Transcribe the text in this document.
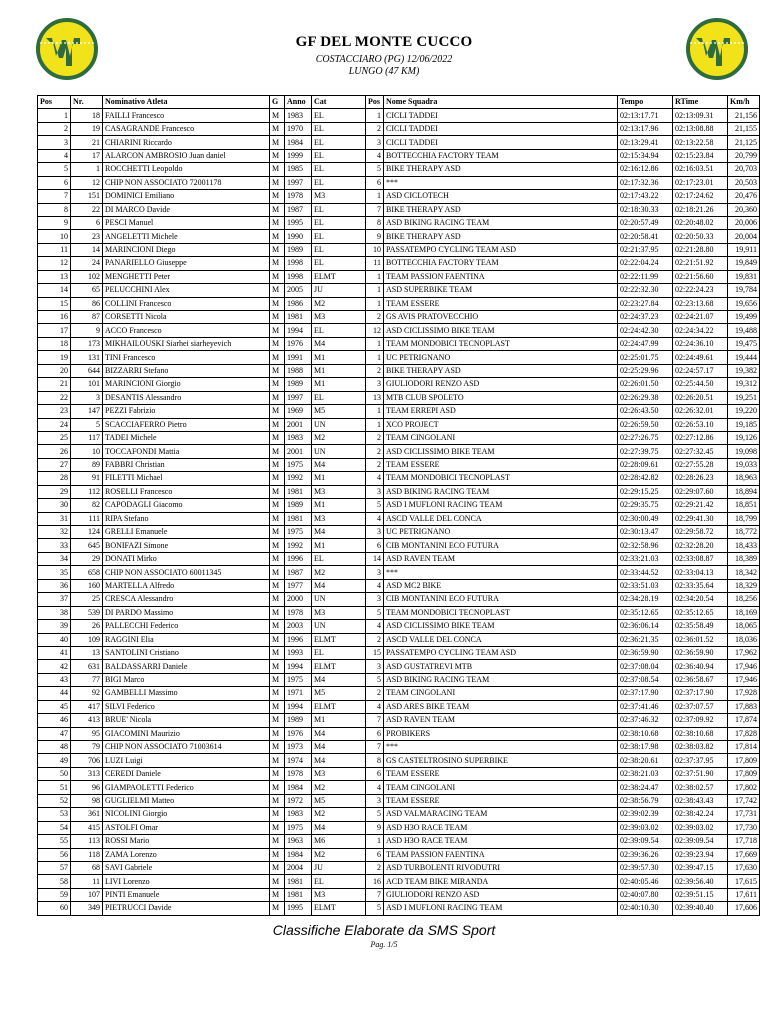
GF DEL MONTE CUCCO
COSTACCIARO (PG) 12/06/2022
LUNGO (47 KM)
Pos	Nr.	Nominativo Atleta	G	Anno	Cat	Pos	Nome Squadra	Tempo	RTime	Km/h
1	18	FAILLI Francesco	M	1983	EL	1	CICLI TADDEI	02:13:17.71	02:13:09.31	21,156
2	19	CASAGRANDE Francesco	M	1970	EL	2	CICLI TADDEI	02:13:17.96	02:13:08.88	21,155
3	21	CHIARINI Riccardo	M	1984	EL	3	CICLI TADDEI	02:13:29.41	02:13:22.58	21,125
4	17	ALARCON AMBROSIO Juan daniel	M	1999	EL	4	BOTTECCHIA FACTORY TEAM	02:15:34.94	02:15:23.84	20,799
5	1	ROCCHETTI Leopoldo	M	1985	EL	5	BIKE THERAPY ASD	02:16:12.86	02:16:03.51	20,703
6	12	CHIP NON ASSOCIATO 72001178	M	1997	EL	6	***	02:17:32.36	02:17:23.01	20,503
7	151	DOMINICI Emiliano	M	1978	M3	1	ASD CICLOTECH	02:17:43.22	02:17:24.62	20,476
8	22	DI MARCO Davide	M	1987	EL	7	BIKE THERAPY ASD	02:18:30.33	02:18:21.26	20,360
9	6	PESCI Manuel	M	1995	EL	8	ASD BIKING RACING TEAM	02:20:57.49	02:20:48.02	20,006
10	23	ANGELETTI Michele	M	1990	EL	9	BIKE THERAPY ASD	02:20:58.41	02:20:50.33	20,004
11	14	MARINCIONI Diego	M	1989	EL	10	PASSATEMPO CYCLING TEAM ASD	02:21:37.95	02:21:28.80	19,911
12	24	PANARIELLO Giuseppe	M	1998	EL	11	BOTTECCHIA FACTORY TEAM	02:22:04.24	02:21:51.92	19,849
13	102	MENGHETTI Peter	M	1998	ELMT	1	TEAM PASSION FAENTINA	02:22:11.99	02:21:56.60	19,831
14	65	PELUCCHINI Alex	M	2005	JU	1	ASD SUPERBIKE TEAM	02:22:32.30	02:22:24.23	19,784
15	86	COLLINI Francesco	M	1986	M2	1	TEAM ESSERE	02:23:27.84	02:23:13.68	19,656
16	87	CORSETTI Nicola	M	1981	M3	2	GS AVIS PRATOVECCHIO	02:24:37.23	02:24:21.07	19,499
17	9	ACCO Francesco	M	1994	EL	12	ASD CICLISSIMO BIKE TEAM	02:24:42.30	02:24:34.22	19,488
18	173	MIKHAILOUSKI Siarhei siarheyevich	M	1976	M4	1	TEAM MONDOBICI TECNOPLAST	02:24:47.99	02:24:36.10	19,475
19	131	TINI Francesco	M	1991	M1	1	UC PETRIGNANO	02:25:01.75	02:24:49.61	19,444
20	644	BIZZARRI Stefano	M	1988	M1	2	BIKE THERAPY ASD	02:25:29.96	02:24:57.17	19,382
21	101	MARINCIONI Giorgio	M	1989	M1	3	GIULIODORI RENZO ASD	02:26:01.50	02:25:44.50	19,312
22	3	DESANTIS Alessandro	M	1997	EL	13	MTB CLUB SPOLETO	02:26:29.38	02:26:20.51	19,251
23	147	PEZZI Fabrizio	M	1969	M5	1	TEAM ERREPI ASD	02:26:43.50	02:26:32.01	19,220
24	5	SCACCIAFERRO Pietro	M	2001	UN	1	XCO PROJECT	02:26:59.50	02:26:53.10	19,185
25	117	TADEI Michele	M	1983	M2	2	TEAM CINGOLANI	02:27:26.75	02:27:12.86	19,126
26	10	TOCCAFONDI Mattia	M	2001	UN	2	ASD CICLISSIMO BIKE TEAM	02:27:39.75	02:27:32.45	19,098
27	89	FABBRI Christian	M	1975	M4	2	TEAM ESSERE	02:28:09.61	02:27:55.28	19,033
28	91	FILETTI Michael	M	1992	M1	4	TEAM MONDOBICI TECNOPLAST	02:28:42.82	02:28:26.23	18,963
29	112	ROSELLI Francesco	M	1981	M3	3	ASD BIKING RACING TEAM	02:29:15.25	02:29:07.60	18,894
30	82	CAPODAGLI Giacomo	M	1989	M1	5	ASD I MUFLONI RACING TEAM	02:29:35.75	02:29:21.42	18,851
31	111	RIPA Stefano	M	1981	M3	4	ASCD VALLE DEL CONCA	02:30:00.49	02:29:41.30	18,799
32	124	GRELLI Emanuele	M	1975	M4	3	UC PETRIGNANO	02:30:13.47	02:29:58.72	18,772
33	645	BONIFAZI Simone	M	1992	M1	6	CIB MONTANINI ECO FUTURA	02:32:58.96	02:32:28.20	18,433
34	29	DONATI Mirko	M	1996	EL	14	ASD RAVEN TEAM	02:33:21.03	02:33:08.87	18,389
35	658	CHIP NON ASSOCIATO 60011345	M	1987	M2	3	***	02:33:44.52	02:33:04.13	18,342
36	160	MARTELLA Alfredo	M	1977	M4	4	ASD MC2 BIKE	02:33:51.03	02:33:35.64	18,329
37	25	CRESCA Alessandro	M	2000	UN	3	CIB MONTANINI ECO FUTURA	02:34:28.19	02:34:20.54	18,256
38	539	DI PARDO Massimo	M	1978	M3	5	TEAM MONDOBICI TECNOPLAST	02:35:12.65	02:35:12.65	18,169
39	26	PALLECCHI Federico	M	2003	UN	4	ASD CICLISSIMO BIKE TEAM	02:36:06.14	02:35:58.49	18,065
40	109	RAGGINI Elia	M	1996	ELMT	2	ASCD VALLE DEL CONCA	02:36:21.35	02:36:01.52	18,036
41	13	SANTOLINI Cristiano	M	1993	EL	15	PASSATEMPO CYCLING TEAM ASD	02:36:59.90	02:36:59.90	17,962
42	631	BALDASSARRI Daniele	M	1994	ELMT	3	ASD GUSTATREVI MTB	02:37:08.04	02:36:40.94	17,946
43	77	BIGI Marco	M	1975	M4	5	ASD BIKING RACING TEAM	02:37:08.54	02:36:58.67	17,946
44	92	GAMBELLI Massimo	M	1971	M5	2	TEAM CINGOLANI	02:37:17.90	02:37:17.90	17,928
45	417	SILVI Federico	M	1994	ELMT	4	ASD ARES BIKE TEAM	02:37:41.46	02:37:07.57	17,883
46	413	BRUE' Nicola	M	1989	M1	7	ASD RAVEN TEAM	02:37:46.32	02:37:09.92	17,874
47	95	GIACOMINI Maurizio	M	1976	M4	6	PROBIKERS	02:38:10.68	02:38:10.68	17,828
48	79	CHIP NON ASSOCIATO 71003614	M	1973	M4	7	***	02:38:17.98	02:38:03.82	17,814
49	706	LUZI Luigi	M	1974	M4	8	GS CASTELTROSINO SUPERBIKE	02:38:20.61	02:37:37.95	17,809
50	313	CEREDI Daniele	M	1978	M3	6	TEAM ESSERE	02:38:21.03	02:37:51.90	17,809
51	96	GIAMPAOLETTI Federico	M	1984	M2	4	TEAM CINGOLANI	02:38:24.47	02:38:02.57	17,802
52	98	GUGLIELMI Matteo	M	1972	M5	3	TEAM ESSERE	02:38:56.79	02:38:43.43	17,742
53	361	NICOLINI Giorgio	M	1983	M2	5	ASD VALMARACING TEAM	02:39:02.39	02:38:42.24	17,731
54	415	ASTOLFI Omar	M	1975	M4	9	ASD H3O RACE TEAM	02:39:03.02	02:39:03.02	17,730
55	113	ROSSI Mario	M	1963	M6	1	ASD H3O RACE TEAM	02:39:09.54	02:39:09.54	17,718
56	118	ZAMA Lorenzo	M	1984	M2	6	TEAM PASSION FAENTINA	02:39:36.26	02:39:23.94	17,669
57	68	SAVI Gabriele	M	2004	JU	2	ASD TURBOLENTI RIVODUTRI	02:39:57.30	02:39:47.15	17,630
58	11	LIVI Lorenzo	M	1981	EL	16	ACD TEAM BIKE MIRANDA	02:40:05.46	02:39:56.40	17,615
59	107	PINTI Emanuele	M	1981	M3	7	GIULIODORI RENZO ASD	02:40:07.80	02:39:51.15	17,611
60	349	PIETRUCCI Davide	M	1995	ELMT	5	ASD I MUFLONI RACING TEAM	02:40:10.30	02:39:40.40	17,606
Classifiche Elaborate da SMS Sport
Pag. 1/5
